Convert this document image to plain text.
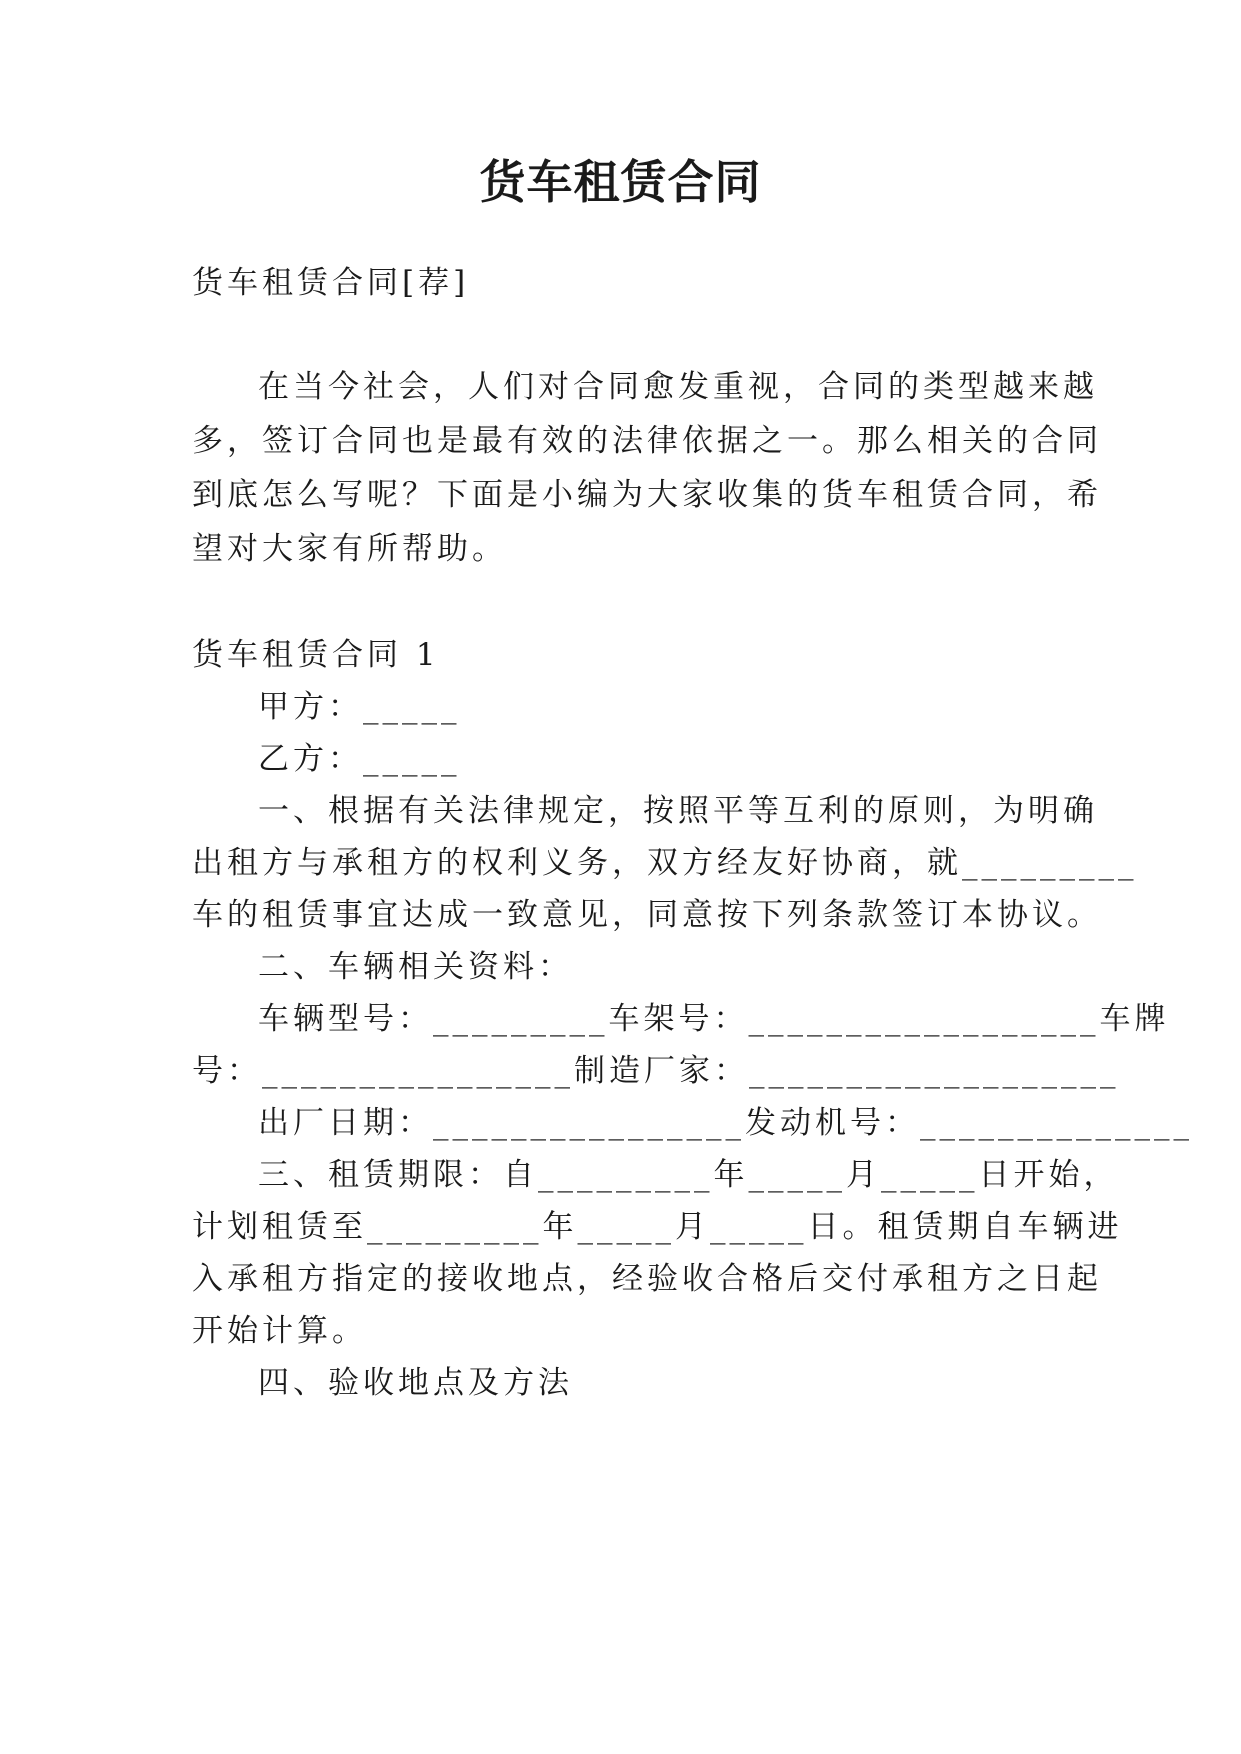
货车租赁合同
货车租赁合同[荐]
在当今社会，人们对合同愈发重视，合同的类型越来越
多，签订合同也是最有效的法律依据之一。那么相关的合同
到底怎么写呢？下面是小编为大家收集的货车租赁合同，希
望对大家有所帮助。
货车租赁合同 1
甲方：_____
乙方：_____
一、根据有关法律规定，按照平等互利的原则，为明确
出租方与承租方的权利义务，双方经友好协商，就_________
车的租赁事宜达成一致意见，同意按下列条款签订本协议。
二、车辆相关资料：
车辆型号：_________车架号：__________________车牌
号：________________制造厂家：___________________
出厂日期：________________发动机号：______________
三、租赁期限：自_________年_____月_____日开始，
计划租赁至_________年_____月_____日。租赁期自车辆进
入承租方指定的接收地点，经验收合格后交付承租方之日起
开始计算。
四、验收地点及方法
